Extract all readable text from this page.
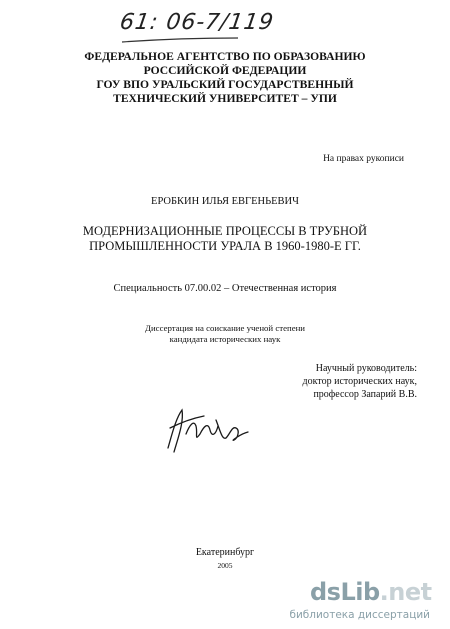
61: 06-7/119
ФЕДЕРАЛЬНОЕ АГЕНТСТВО ПО ОБРАЗОВАНИЮ
РОССИЙСКОЙ ФЕДЕРАЦИИ
ГОУ ВПО УРАЛЬСКИЙ ГОСУДАРСТВЕННЫЙ
ТЕХНИЧЕСКИЙ УНИВЕРСИТЕТ – УПИ
На правах рукописи
ЕРОБКИН ИЛЬЯ ЕВГЕНЬЕВИЧ
МОДЕРНИЗАЦИОННЫЕ ПРОЦЕССЫ В ТРУБНОЙ
ПРОМЫШЛЕННОСТИ УРАЛА В 1960-1980-Е ГГ.
Специальность 07.00.02 – Отечественная история
Диссертация на соискание ученой степени
кандидата исторических наук
Научный руководитель:
доктор исторических наук,
профессор Запарий В.В.
Екатеринбург
2005
dsLib.net
библиотека диссертаций
